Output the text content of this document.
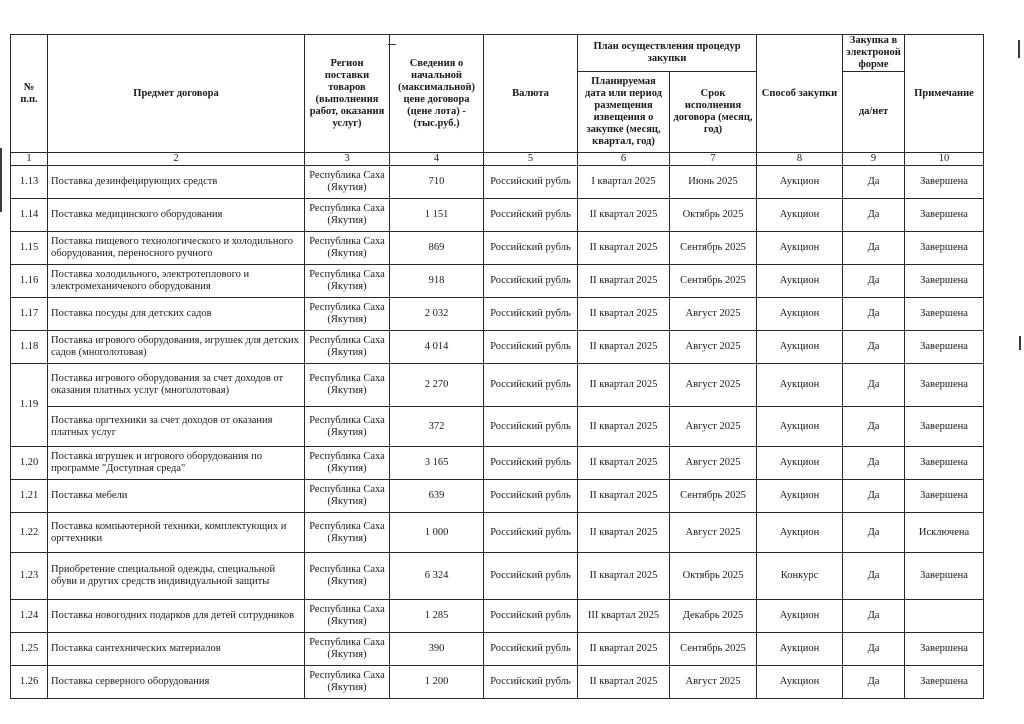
№ п.п.	Предмет договора	Регион поставки товаров (выполнения работ, оказания услуг)	Сведения о начальной (максимальной) цене договора (цене лота) - (тыс.руб.)	Валюта	План осуществления процедур закупки		Способ закупки	Закупка в электроной форме	Примечание
					Планируемая дата или период размещения извещения о закупке (месяц, квартал, год)	Срок исполнения договора (месяц, год)		да/нет	
1	2	3	4	5	6	7	8	9	10
1.13	Поставка дезинфецирующих средств	Республика Саха (Якутия)	710	Российский рубль	I квартал 2025	Июнь 2025	Аукцион	Да	Завершена
1.14	Поставка медицинского оборудования	Республика Саха (Якутия)	1 151	Российский рубль	II квартал 2025	Октябрь 2025	Аукцион	Да	Завершена
1.15	Поставка пищевого технологического и холодильного оборудования, переносного ручного	Республика Саха (Якутия)	869	Российский рубль	II квартал 2025	Сентябрь 2025	Аукцион	Да	Завершена
1.16	Поставка холодильного, электротеплового и электромеханичекого оборудования	Республика Саха (Якутия)	918	Российский рубль	II квартал 2025	Сентябрь 2025	Аукцион	Да	Завершена
1.17	Поставка посуды для детских садов	Республика Саха (Якутия)	2 032	Российский рубль	II квартал 2025	Август 2025	Аукцион	Да	Завершена
1.18	Поставка игрового оборудования, игрушек для детских садов (многолотовая)	Республика Саха (Якутия)	4 014	Российский рубль	II квартал 2025	Август 2025	Аукцион	Да	Завершена
1.19	Поставка игрового оборудования за счет доходов от оказания платных услуг (многолотовая)	Республика Саха (Якутия)	2 270	Российский рубль	II квартал 2025	Август 2025	Аукцион	Да	Завершена
	Поставка оргтехники за счет доходов от оказания платных услуг	Республика Саха (Якутия)	372	Российский рубль	II квартал 2025	Август 2025	Аукцион	Да	Завершена
1.20	Поставка игрушек и игрового оборудования по программе "Доступная среда"	Республика Саха (Якутия)	3 165	Российский рубль	II квартал 2025	Август 2025	Аукцион	Да	Завершена
1.21	Поставка мебели	Республика Саха (Якутия)	639	Российский рубль	II квартал 2025	Сентябрь 2025	Аукцион	Да	Завершена
1.22	Поставка компьютерной техники, комплектующих и оргтехники	Республика Саха (Якутия)	1 000	Российский рубль	II квартал 2025	Август 2025	Аукцион	Да	Исключена
1.23	Приобретение специальной одежды, специальной обуви и других средств индивидуальной защиты	Республика Саха (Якутия)	6 324	Российский рубль	II квартал 2025	Октябрь 2025	Конкурс	Да	Завершена
1.24	Поставка новогодних подарков для детей сотрудников	Республика Саха (Якутия)	1 285	Российский рубль	III квартал 2025	Декабрь 2025	Аукцион	Да	
1.25	Поставка сантехнических материалов	Республика Саха (Якутия)	390	Российский рубль	II квартал 2025	Сентябрь 2025	Аукцион	Да	Завершена
1.26	Поставка серверного оборудования	Республика Саха (Якутия)	1 200	Российский рубль	II квартал 2025	Август 2025	Аукцион	Да	Завершена
